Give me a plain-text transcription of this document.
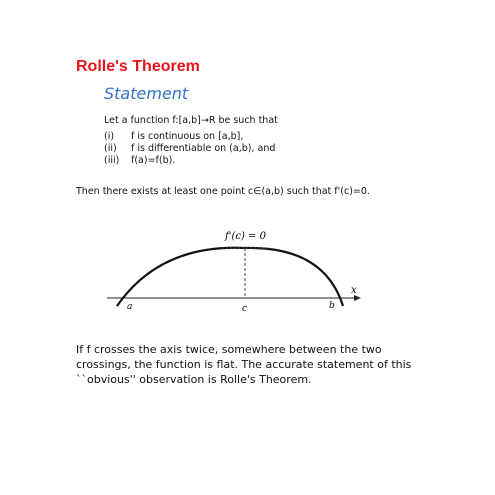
Rolle's Theorem
Statement
Let a function f:[a,b]→R be such that
(i) f is continuous on [a,b],
(ii) f is differentiable on (a,b), and
(iii) f(a)=f(b).
Then there exists at least one point c∈(a,b) such that f'(c)=0.
f'(c) = 0
x
a	c	b
If f crosses the axis twice, somewhere between the two
crossings, the function is flat. The accurate statement of this
``obvious'' observation is Rolle's Theorem.
